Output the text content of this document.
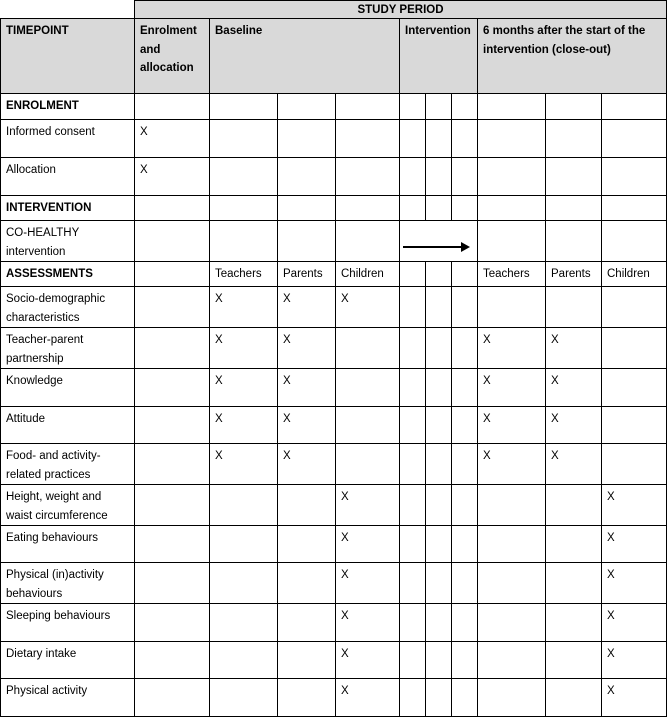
	STUDY PERIOD									
TIMEPOINT	Enrolment and allocation	Baseline			Intervention			6 months after the start of the intervention (close-out)		
ENROLMENT										
Informed consent	X									
Allocation	X									
INTERVENTION										
CO-HEALTHY intervention							

ASSESSMENTS		Teachers	Parents	Children				Teachers	Parents	Children
Socio-demographic characteristics		X	X	X						
Teacher-parent partnership		X	X					X	X	
Knowledge		X	X					X	X	
Attitude		X	X					X	X	
Food- and activity-related practices		X	X					X	X	
Height, weight and waist circumference				X						X
Eating behaviours				X						X
Physical (in)activity behaviours				X						X
Sleeping behaviours				X						X
Dietary intake				X						X
Physical activity				X						X
